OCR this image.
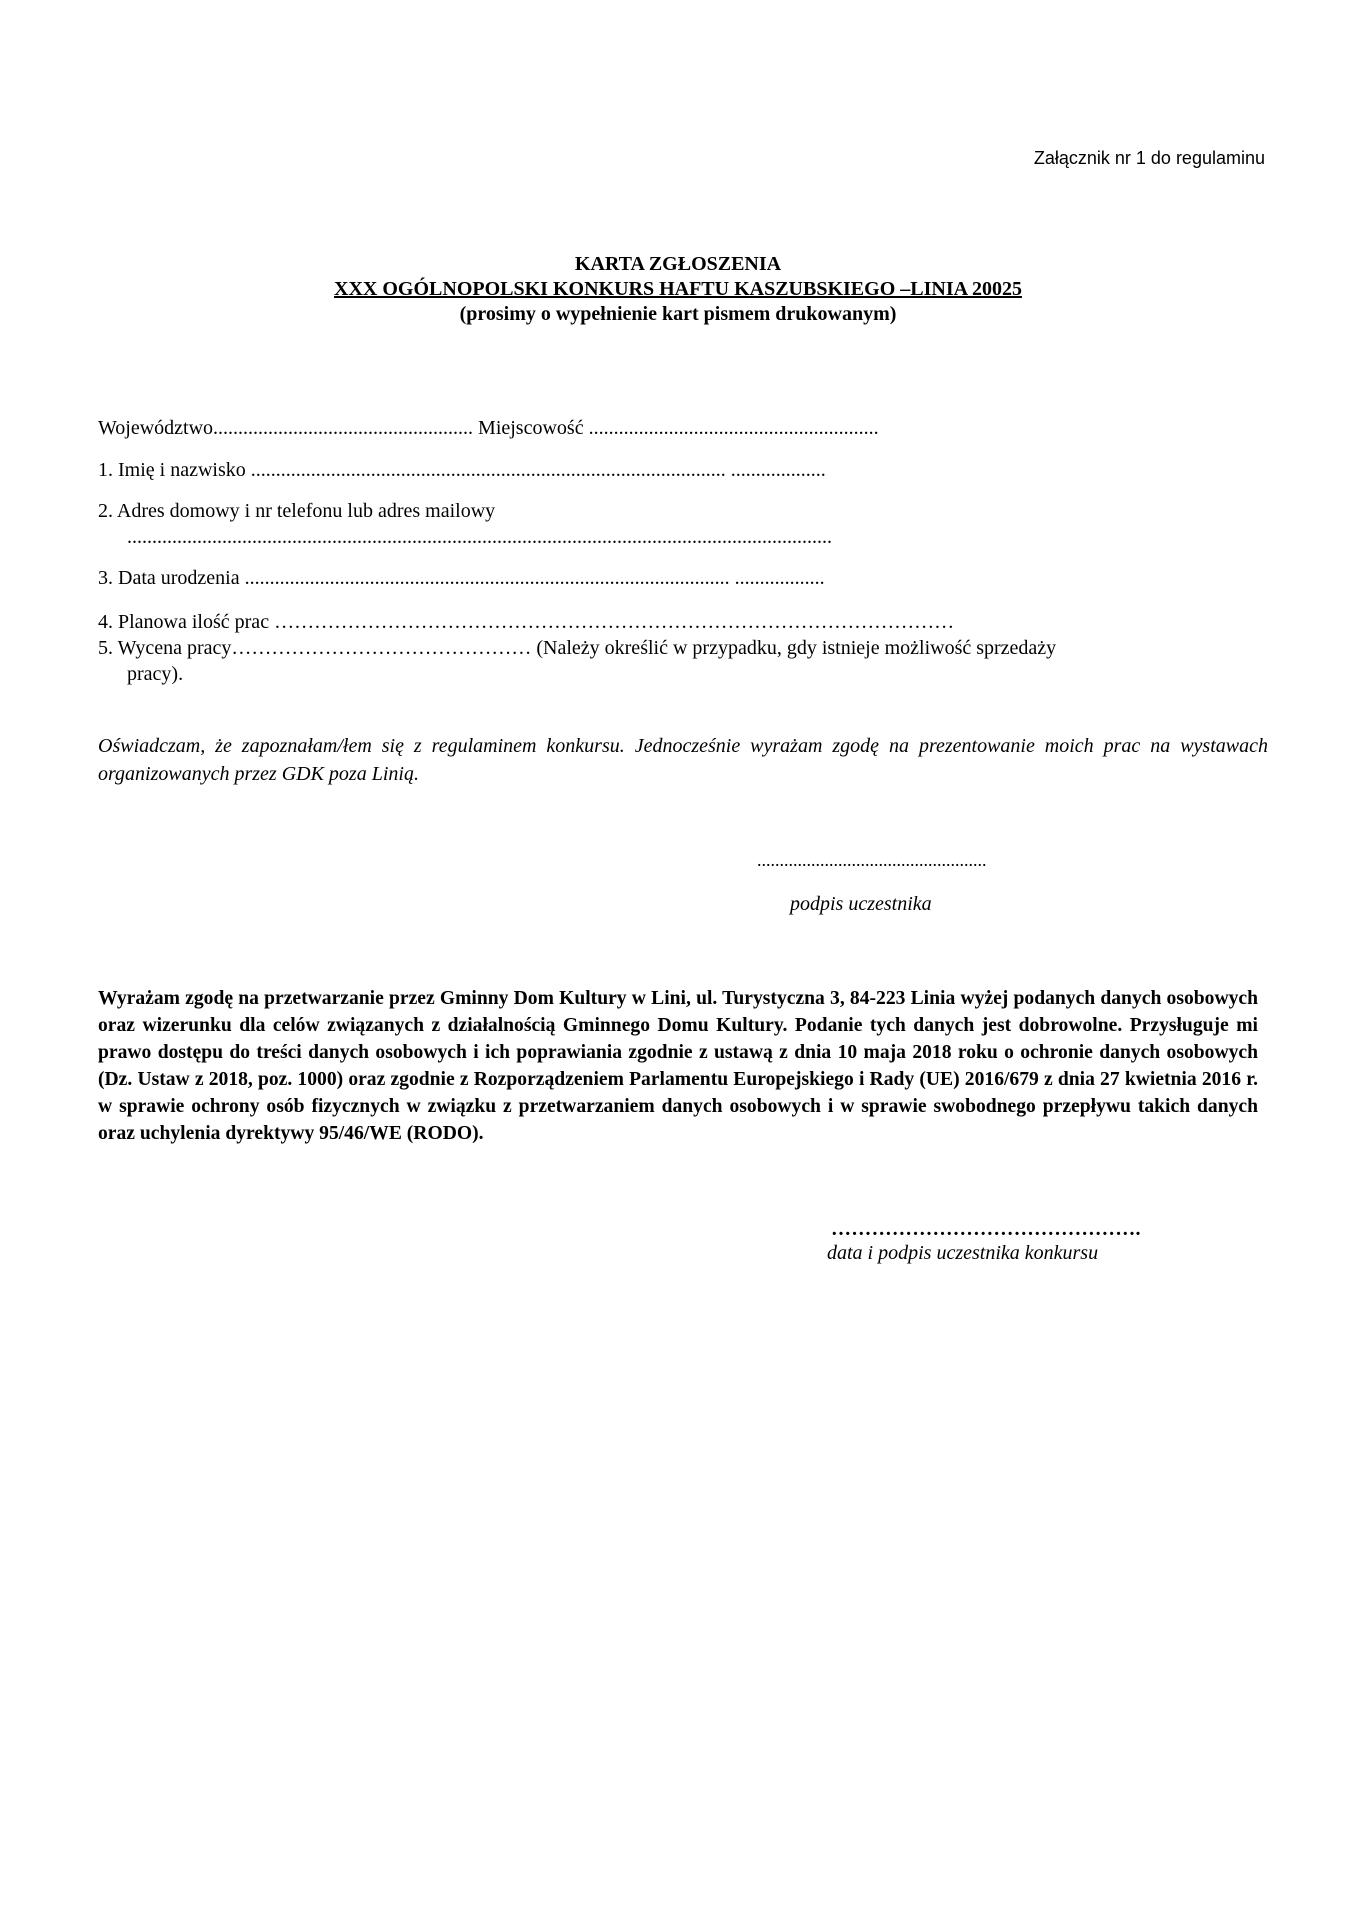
Załącznik nr 1 do regulaminu
KARTA ZGŁOSZENIA
XXX OGÓLNOPOLSKI KONKURS HAFTU KASZUBSKIEGO –LINIA 20025
(prosimy o wypełnienie kart pismem drukowanym)
Województwo.................................................... Miejscowość ..........................................................
1. Imię i nazwisko ............................................................................................... ...................
2. Adres domowy i nr telefonu lub adres mailowy
.............................................................................................................................................
3. Data urodzenia ................................................................................................. ..................
4. Planowa ilość prac …………………………………………………………………………………………
5. Wycena pracy……………………………………… (Należy określić w przypadku, gdy istnieje możliwość sprzedaży
pracy).
Oświadczam, że zapoznałam/łem się z regulaminem konkursu. Jednocześnie wyrażam zgodę na prezentowanie moich prac na wystawach organizowanych przez GDK poza Linią.
...................................................
podpis uczestnika
Wyrażam zgodę na przetwarzanie przez Gminny Dom Kultury w Lini, ul. Turystyczna 3, 84-223 Linia wyżej podanych danych osobowych oraz wizerunku dla celów związanych z działalnością Gminnego Domu Kultury. Podanie tych danych jest dobrowolne. Przysługuje mi prawo dostępu do treści danych osobowych i ich poprawiania zgodnie z ustawą z dnia 10 maja 2018 roku o ochronie danych osobowych (Dz. Ustaw z 2018, poz. 1000) oraz zgodnie z Rozporządzeniem Parlamentu Europejskiego i Rady (UE) 2016/679 z dnia 27 kwietnia 2016 r. w sprawie ochrony osób fizycznych w związku z przetwarzaniem danych osobowych i w sprawie swobodnego przepływu takich danych oraz uchylenia dyrektywy 95/46/WE (RODO).
……………………………………….
data i podpis uczestnika konkursu
